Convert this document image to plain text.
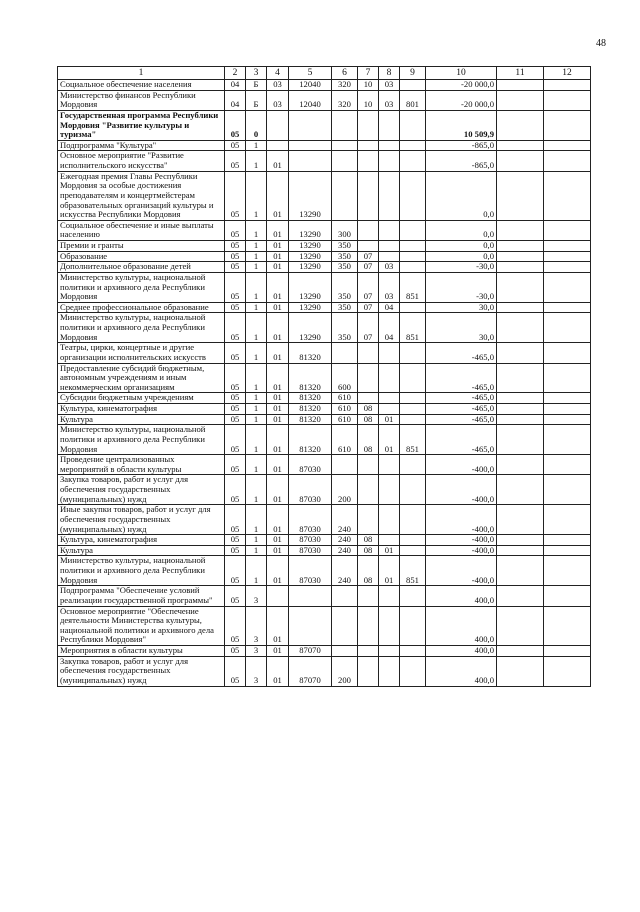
48
1	2	3	4	5	6	7	8	9	10	11	12
Социальное обеспечение населения	04	Б	03	12040	320	10	03		-20 000,0		
Министерство финансов Республики Мордовия	04	Б	03	12040	320	10	03	801	-20 000,0		
Государственная программа Республики Мордовия "Развитие культуры и туризма"	05	0							10 509,9		
Подпрограмма "Культура"	05	1							-865,0		
Основное мероприятие "Развитие исполнительского искусства"	05	1	01						-865,0		
Ежегодная премия Главы Республики Мордовия за особые достижения преподавателям и концертмейстерам образовательных организаций культуры и искусства Республики Мордовия	05	1	01	13290					0,0		
Социальное обеспечение и иные выплаты населению	05	1	01	13290	300				0,0		
Премии и гранты	05	1	01	13290	350				0,0		
Образование	05	1	01	13290	350	07			0,0		
Дополнительное образование детей	05	1	01	13290	350	07	03		-30,0		
Министерство культуры, национальной политики и архивного дела Республики Мордовия	05	1	01	13290	350	07	03	851	-30,0		
Среднее профессиональное образование	05	1	01	13290	350	07	04		30,0		
Министерство культуры, национальной политики и архивного дела Республики Мордовия	05	1	01	13290	350	07	04	851	30,0		
Театры, цирки, концертные и другие организации исполнительских искусств	05	1	01	81320					-465,0		
Предоставление субсидий бюджетным, автономным учреждениям и иным некоммерческим организациям	05	1	01	81320	600				-465,0		
Субсидии бюджетным учреждениям	05	1	01	81320	610				-465,0		
Культура, кинематография	05	1	01	81320	610	08			-465,0		
Культура	05	1	01	81320	610	08	01		-465,0		
Министерство культуры, национальной политики и архивного дела Республики Мордовия	05	1	01	81320	610	08	01	851	-465,0		
Проведение централизованных мероприятий в области культуры	05	1	01	87030					-400,0		
Закупка товаров, работ и услуг для обеспечения государственных (муниципальных) нужд	05	1	01	87030	200				-400,0		
Иные закупки товаров, работ и услуг для обеспечения государственных (муниципальных) нужд	05	1	01	87030	240				-400,0		
Культура, кинематография	05	1	01	87030	240	08			-400,0		
Культура	05	1	01	87030	240	08	01		-400,0		
Министерство культуры, национальной политики и архивного дела Республики Мордовия	05	1	01	87030	240	08	01	851	-400,0		
Подпрограмма "Обеспечение условий реализации государственной программы"	05	3							400,0		
Основное мероприятие "Обеспечение деятельности Министерства культуры, национальной политики и архивного дела Республики Мордовия"	05	3	01						400,0		
Мероприятия в области культуры	05	3	01	87070					400,0		
Закупка товаров, работ и услуг для обеспечения государственных (муниципальных) нужд	05	3	01	87070	200				400,0		
